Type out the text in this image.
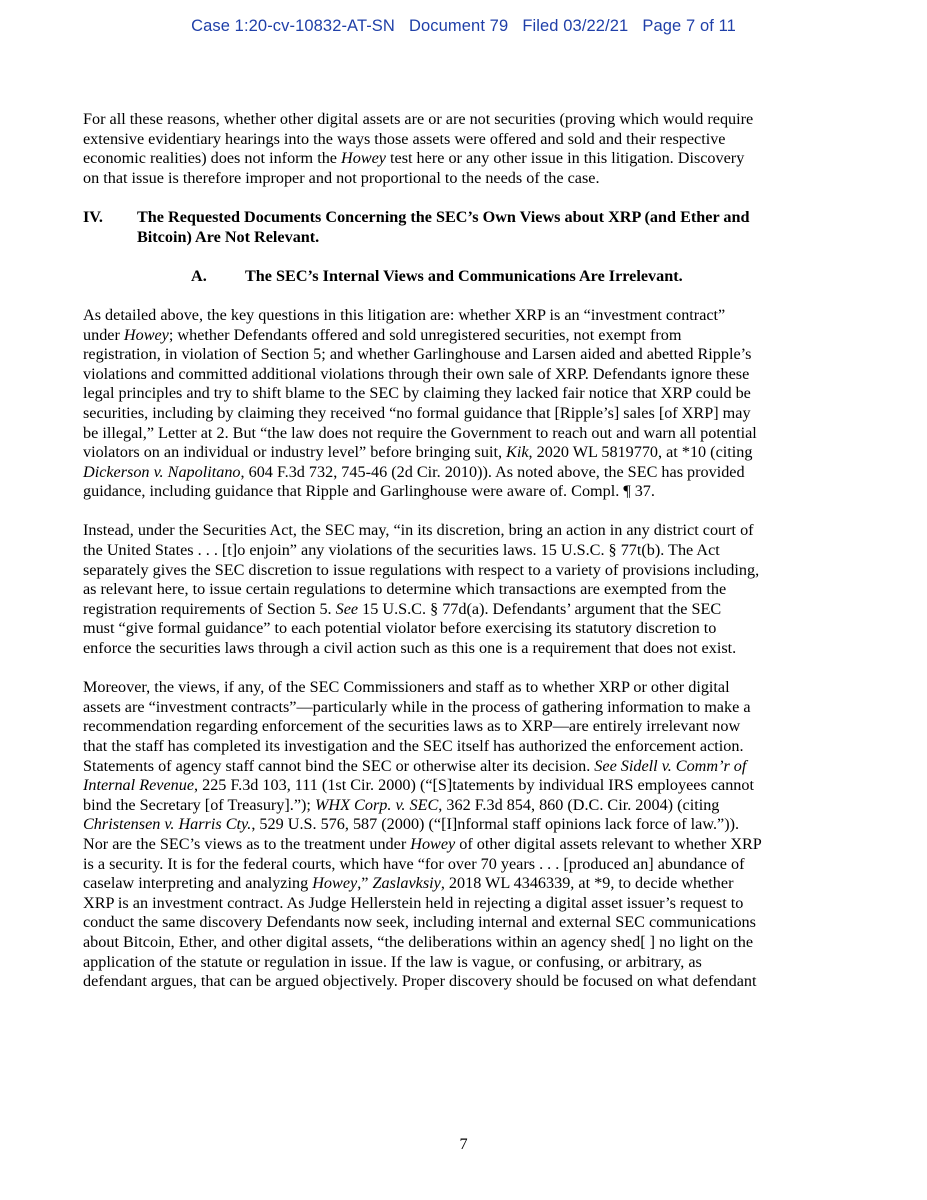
Case 1:20-cv-10832-AT-SN Document 79 Filed 03/22/21 Page 7 of 11
For all these reasons, whether other digital assets are or are not securities (proving which would require
extensive evidentiary hearings into the ways those assets were offered and sold and their respective
economic realities) does not inform the Howey test here or any other issue in this litigation. Discovery
on that issue is therefore improper and not proportional to the needs of the case.
IV.	The Requested Documents Concerning the SEC’s Own Views about XRP (and Ether and
Bitcoin) Are Not Relevant.
A. The SEC’s Internal Views and Communications Are Irrelevant.
As detailed above, the key questions in this litigation are: whether XRP is an “investment contract”
under Howey; whether Defendants offered and sold unregistered securities, not exempt from
registration, in violation of Section 5; and whether Garlinghouse and Larsen aided and abetted Ripple’s
violations and committed additional violations through their own sale of XRP. Defendants ignore these
legal principles and try to shift blame to the SEC by claiming they lacked fair notice that XRP could be
securities, including by claiming they received “no formal guidance that [Ripple’s] sales [of XRP] may
be illegal,” Letter at 2. But “the law does not require the Government to reach out and warn all potential
violators on an individual or industry level” before bringing suit, Kik, 2020 WL 5819770, at *10 (citing
Dickerson v. Napolitano, 604 F.3d 732, 745-46 (2d Cir. 2010)). As noted above, the SEC has provided
guidance, including guidance that Ripple and Garlinghouse were aware of. Compl. ¶ 37.
Instead, under the Securities Act, the SEC may, “in its discretion, bring an action in any district court of
the United States . . . [t]o enjoin” any violations of the securities laws. 15 U.S.C. § 77t(b). The Act
separately gives the SEC discretion to issue regulations with respect to a variety of provisions including,
as relevant here, to issue certain regulations to determine which transactions are exempted from the
registration requirements of Section 5. See 15 U.S.C. § 77d(a). Defendants’ argument that the SEC
must “give formal guidance” to each potential violator before exercising its statutory discretion to
enforce the securities laws through a civil action such as this one is a requirement that does not exist.
Moreover, the views, if any, of the SEC Commissioners and staff as to whether XRP or other digital
assets are “investment contracts”—particularly while in the process of gathering information to make a
recommendation regarding enforcement of the securities laws as to XRP—are entirely irrelevant now
that the staff has completed its investigation and the SEC itself has authorized the enforcement action.
Statements of agency staff cannot bind the SEC or otherwise alter its decision. See Sidell v. Comm’r of
Internal Revenue, 225 F.3d 103, 111 (1st Cir. 2000) (“[S]tatements by individual IRS employees cannot
bind the Secretary [of Treasury].”); WHX Corp. v. SEC, 362 F.3d 854, 860 (D.C. Cir. 2004) (citing
Christensen v. Harris Cty., 529 U.S. 576, 587 (2000) (“[I]nformal staff opinions lack force of law.”)).
Nor are the SEC’s views as to the treatment under Howey of other digital assets relevant to whether XRP
is a security. It is for the federal courts, which have “for over 70 years . . . [produced an] abundance of
caselaw interpreting and analyzing Howey,” Zaslavksiy, 2018 WL 4346339, at *9, to decide whether
XRP is an investment contract. As Judge Hellerstein held in rejecting a digital asset issuer’s request to
conduct the same discovery Defendants now seek, including internal and external SEC communications
about Bitcoin, Ether, and other digital assets, “the deliberations within an agency shed[ ] no light on the
application of the statute or regulation in issue. If the law is vague, or confusing, or arbitrary, as
defendant argues, that can be argued objectively. Proper discovery should be focused on what defendant
7
